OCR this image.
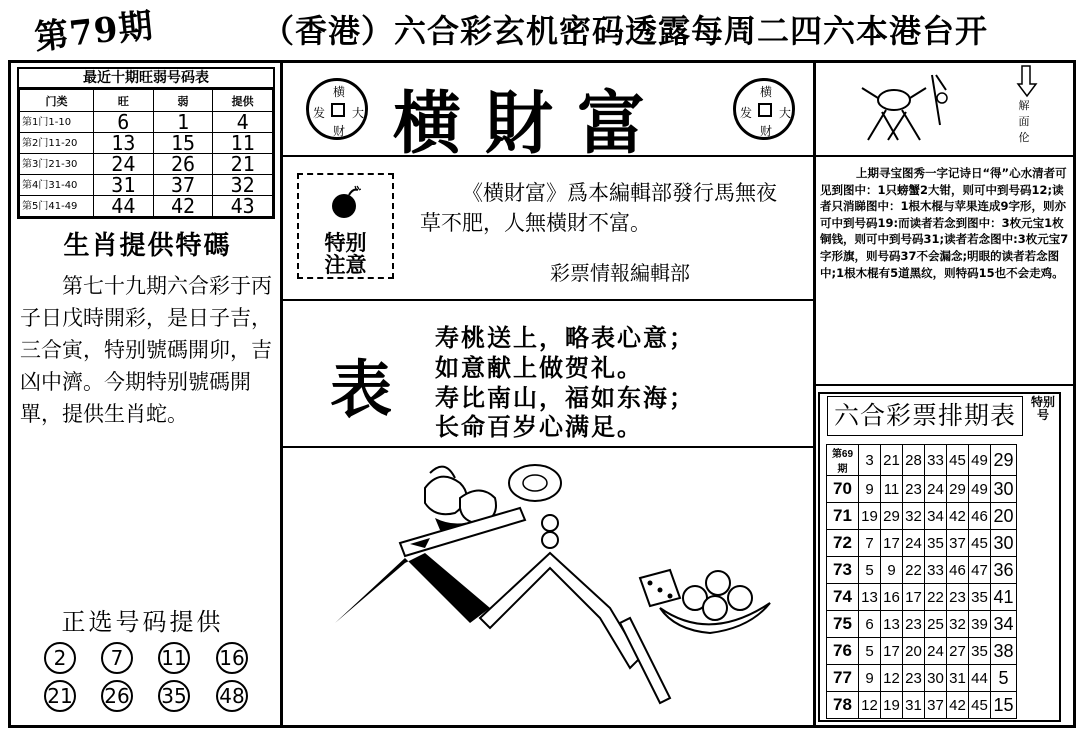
第79期	（香港）六合彩玄机密码透露每周二四六本港台开
最近十期旺弱号码表
门类	旺	弱	提供
第1门1-10	6	1	4
第2门11-20	13	15	11
第3门21-30	24	26	21
第4门31-40	31	37	32
第5门41-49	44	42	43
生肖提供特碼
第七十九期六合彩于丙子日戊時開彩，是日子吉，三合寅，特别號碼開卯，吉凶中濟。今期特别號碼開單，提供生肖蛇。
正选号码提供
2	7	11 16
21 26 35 48
横
发 大
财
横
发 大
财
横財富
特别
注意
《横財富》爲本編輯部發行馬無夜草不肥，人無橫財不富。
彩票情報編輯部
表
寿桃送上，略表心意；
如意献上做贺礼。
寿比南山，福如东海；
长命百岁心满足。
解面伦
上期寻宝图秀一字记诗日“得”心水清者可见到图中：1只螃蟹2大钳，则可中到号码12;读者只消睇图中：1根木棍与苹果连成9字形，则亦可中到号码19:而读者若念到图中：3枚元宝1枚铜钱，则可中到号码31;读者若念图中:3枚元宝7字形旗，则号码37不会漏念;明眼的读者若念图中;1根木棍有5道黑纹，则特码15也不会走鸡。
六合彩票排期表	特别号
第69期	3	21	28	33	45	49	29
70	9	11	23	24	29	49	30
71	19	29	32	34	42	46	20
72	7	17	24	35	37	45	30
73	5	9	22	33	46	47	36
74	13	16	17	22	23	35	41
75	6	13	23	25	32	39	34
76	5	17	20	24	27	35	38
77	9	12	23	30	31	44	5
78	12	19	31	37	42	45	15
